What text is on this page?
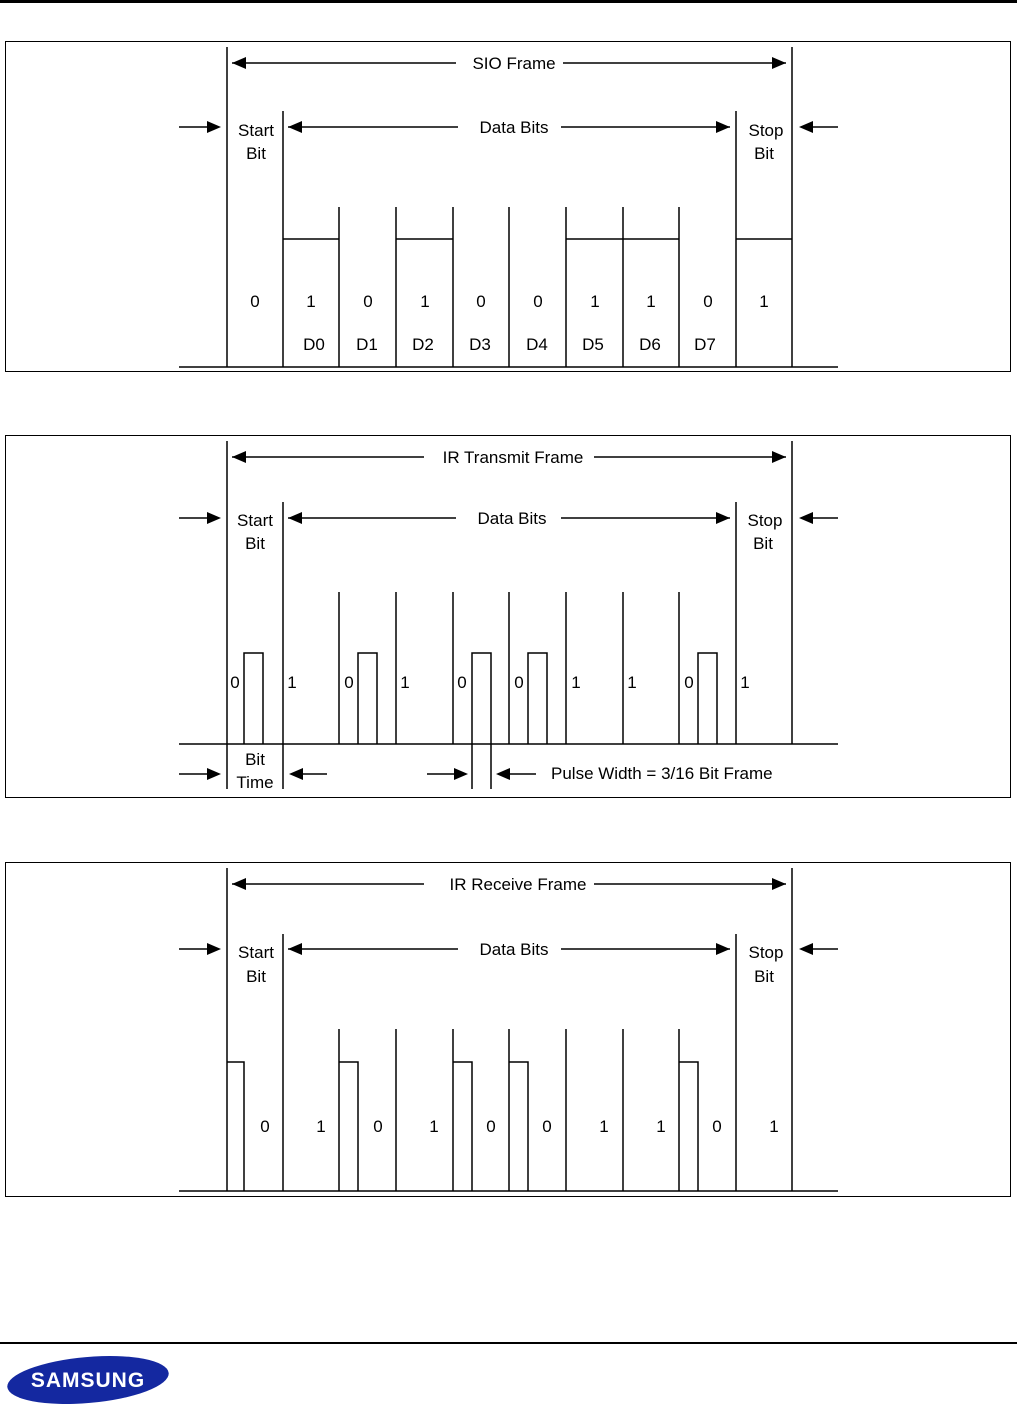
SIO Frame
Data Bits
Start
Bit
Stop
Bit
0	1	0	1	0	0	1	1	0	1
D0 D1 D2 D3 D4 D5 D6 D7
IR Transmit Frame
Data Bits
Start
Bit
Stop
Bit
0	1	0	1	0	0	1	1	0	1
Bit
Time	Pulse Width = 3/16 Bit Frame
IR Receive Frame
Data Bits
Start
Bit
Stop
Bit
0	1	0	1	0	0	1	1	0	1
SAMSUNG
